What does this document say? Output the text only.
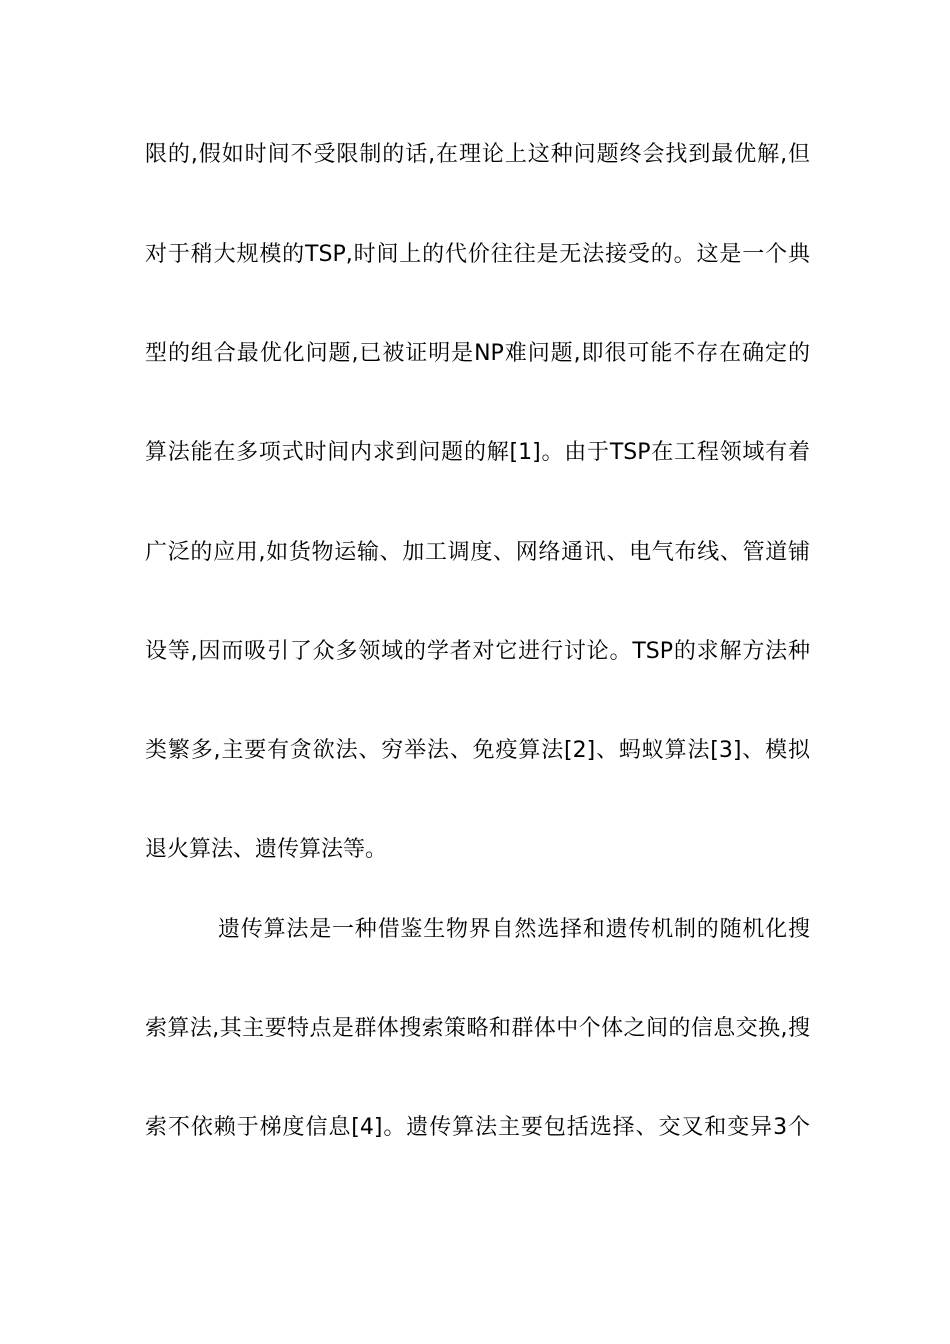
限的,假如时间不受限制的话,在理论上这种问题终会找到最优解,但
对于稍大规模的TSP,时间上的代价往往是无法接受的。这是一个典
型的组合最优化问题,已被证明是NP难问题,即很可能不存在确定的
算法能在多项式时间内求到问题的解[1]。由于TSP在工程领域有着
广泛的应用,如货物运输、加工调度、网络通讯、电气布线、管道铺
设等,因而吸引了众多领域的学者对它进行讨论。TSP的求解方法种
类繁多,主要有贪欲法、穷举法、免疫算法[2]、蚂蚁算法[3]、模拟
退火算法、遗传算法等。
遗传算法是一种借鉴生物界自然选择和遗传机制的随机化搜
索算法,其主要特点是群体搜索策略和群体中个体之间的信息交换,搜
索不依赖于梯度信息[4]。遗传算法主要包括选择、交叉和变异3个
